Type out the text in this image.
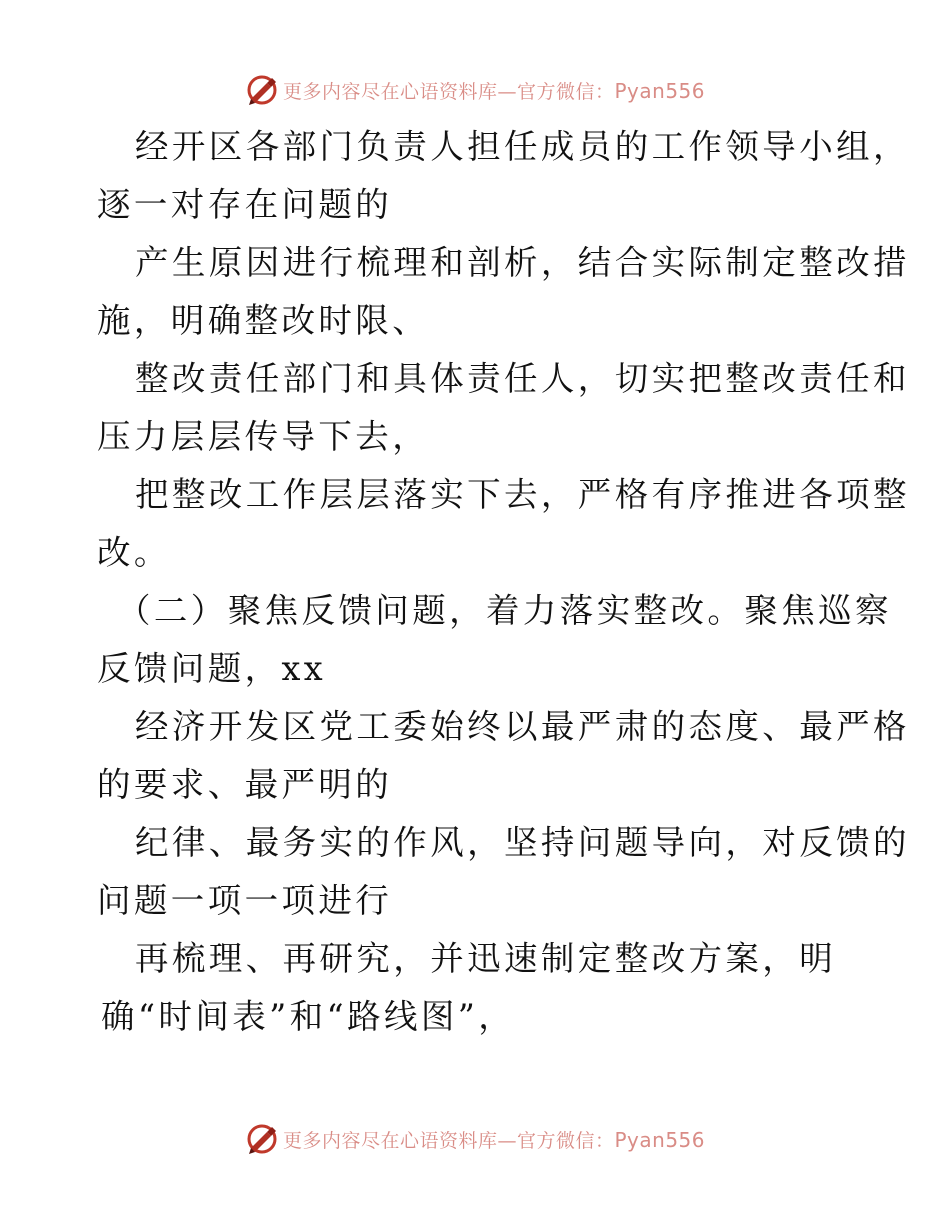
更多内容尽在心语资料库—官方微信：Pyan556

经开区各部门负责人担任成员的工作领导小组，

逐一对存在问题的

产生原因进行梳理和剖析，结合实际制定整改措

施，明确整改时限、

整改责任部门和具体责任人，切实把整改责任和

压力层层传导下去，

把整改工作层层落实下去，严格有序推进各项整

改。

（二）聚焦反馈问题，着力落实整改。聚焦巡察

反馈问题，xx

经济开发区党工委始终以最严肃的态度、最严格

的要求、最严明的

纪律、最务实的作风，坚持问题导向，对反馈的

问题一项一项进行

再梳理、再研究，并迅速制定整改方案，明

确“时间表”和“路线图”，

更多内容尽在心语资料库—官方微信：Pyan556
